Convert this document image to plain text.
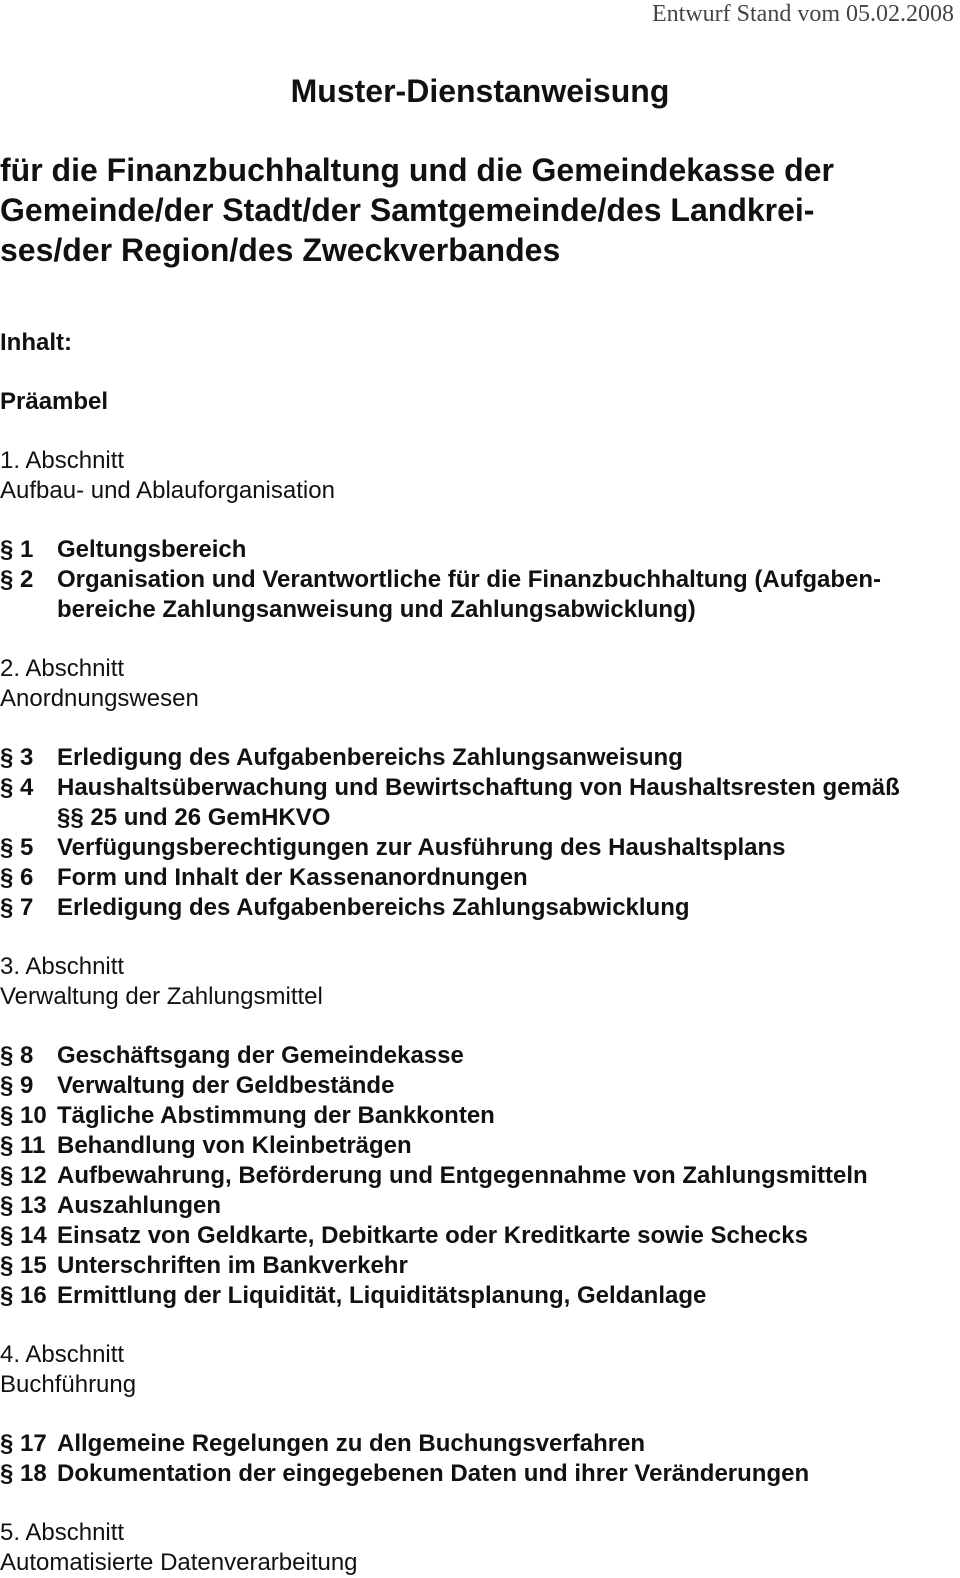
Entwurf Stand vom 05.02.2008
Muster-Dienstanweisung
für die Finanzbuchhaltung und die Gemeindekasse der
Gemeinde/der Stadt/der Samtgemeinde/des Landkrei-
ses/der Region/des Zweckverbandes
Inhalt:
Präambel
1. Abschnitt
Aufbau- und Ablauforganisation
§ 1 Geltungsbereich
§ 2 Organisation und Verantwortliche für die Finanzbuchhaltung (Aufgaben-
bereiche Zahlungsanweisung und Zahlungsabwicklung)
2. Abschnitt
Anordnungswesen
§ 3 Erledigung des Aufgabenbereichs Zahlungsanweisung
§ 4 Haushaltsüberwachung und Bewirtschaftung von Haushaltsresten gemäß
§§ 25 und 26 GemHKVO
§ 5 Verfügungsberechtigungen zur Ausführung des Haushaltsplans
§ 6 Form und Inhalt der Kassenanordnungen
§ 7 Erledigung des Aufgabenbereichs Zahlungsabwicklung
3. Abschnitt
Verwaltung der Zahlungsmittel
§ 8 Geschäftsgang der Gemeindekasse
§ 9 Verwaltung der Geldbestände
§ 10 Tägliche Abstimmung der Bankkonten
§ 11 Behandlung von Kleinbeträgen
§ 12 Aufbewahrung, Beförderung und Entgegennahme von Zahlungsmitteln
§ 13 Auszahlungen
§ 14 Einsatz von Geldkarte, Debitkarte oder Kreditkarte sowie Schecks
§ 15 Unterschriften im Bankverkehr
§ 16 Ermittlung der Liquidität, Liquiditätsplanung, Geldanlage
4. Abschnitt
Buchführung
§ 17 Allgemeine Regelungen zu den Buchungsverfahren
§ 18 Dokumentation der eingegebenen Daten und ihrer Veränderungen
5. Abschnitt
Automatisierte Datenverarbeitung
